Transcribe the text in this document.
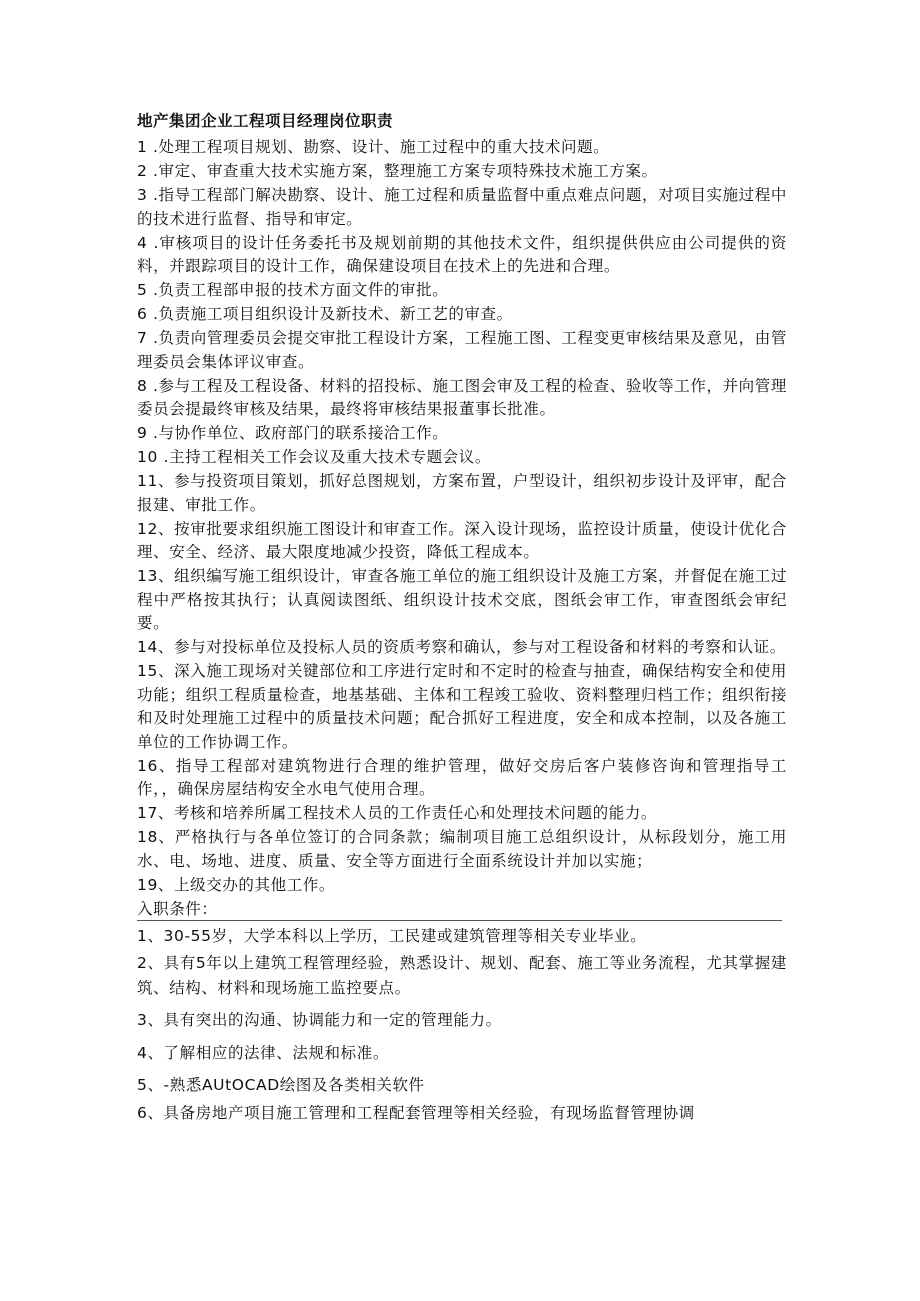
地产集团企业工程项目经理岗位职责
1 .处理工程项目规划、勘察、设计、施工过程中的重大技术问题。
2 .审定、审查重大技术实施方案，整理施工方案专项特殊技术施工方案。
3 .指导工程部门解决勘察、设计、施工过程和质量监督中重点难点问题，对项目实施过程中的技术进行监督、指导和审定。
4 .审核项目的设计任务委托书及规划前期的其他技术文件，组织提供供应由公司提供的资料，并跟踪项目的设计工作，确保建设项目在技术上的先进和合理。
5 .负责工程部申报的技术方面文件的审批。
6 .负责施工项目组织设计及新技术、新工艺的审查。
7 .负责向管理委员会提交审批工程设计方案，工程施工图、工程变更审核结果及意见，由管理委员会集体评议审查。
8 .参与工程及工程设备、材料的招投标、施工图会审及工程的检查、验收等工作，并向管理委员会提最终审核及结果，最终将审核结果报董事长批准。
9 .与协作单位、政府部门的联系接洽工作。
10 .主持工程相关工作会议及重大技术专题会议。
11、参与投资项目策划，抓好总图规划，方案布置，户型设计，组织初步设计及评审，配合报建、审批工作。
12、按审批要求组织施工图设计和审查工作。深入设计现场，监控设计质量，使设计优化合理、安全、经济、最大限度地减少投资，降低工程成本。
13、组织编写施工组织设计，审查各施工单位的施工组织设计及施工方案，并督促在施工过程中严格按其执行；认真阅读图纸、组织设计技术交底，图纸会审工作，审查图纸会审纪要。
14、参与对投标单位及投标人员的资质考察和确认，参与对工程设备和材料的考察和认证。
15、深入施工现场对关键部位和工序进行定时和不定时的检查与抽查，确保结构安全和使用功能；组织工程质量检查，地基基础、主体和工程竣工验收、资料整理归档工作；组织衔接和及时处理施工过程中的质量技术问题；配合抓好工程进度，安全和成本控制，以及各施工单位的工作协调工作。
16、指导工程部对建筑物进行合理的维护管理，做好交房后客户装修咨询和管理指导工作，，确保房屋结构安全水电气使用合理。
17、考核和培养所属工程技术人员的工作责任心和处理技术问题的能力。
18、严格执行与各单位签订的合同条款；编制项目施工总组织设计，从标段划分，施工用水、电、场地、进度、质量、安全等方面进行全面系统设计并加以实施；
19、上级交办的其他工作。
入职条件：
1、30-55岁，大学本科以上学历，工民建或建筑管理等相关专业毕业。
2、具有5年以上建筑工程管理经验，熟悉设计、规划、配套、施工等业务流程，尤其掌握建筑、结构、材料和现场施工监控要点。
3、具有突出的沟通、协调能力和一定的管理能力。
4、了解相应的法律、法规和标准。
5、-熟悉AUtOCAD绘图及各类相关软件
6、具备房地产项目施工管理和工程配套管理等相关经验，有现场监督管理协调
